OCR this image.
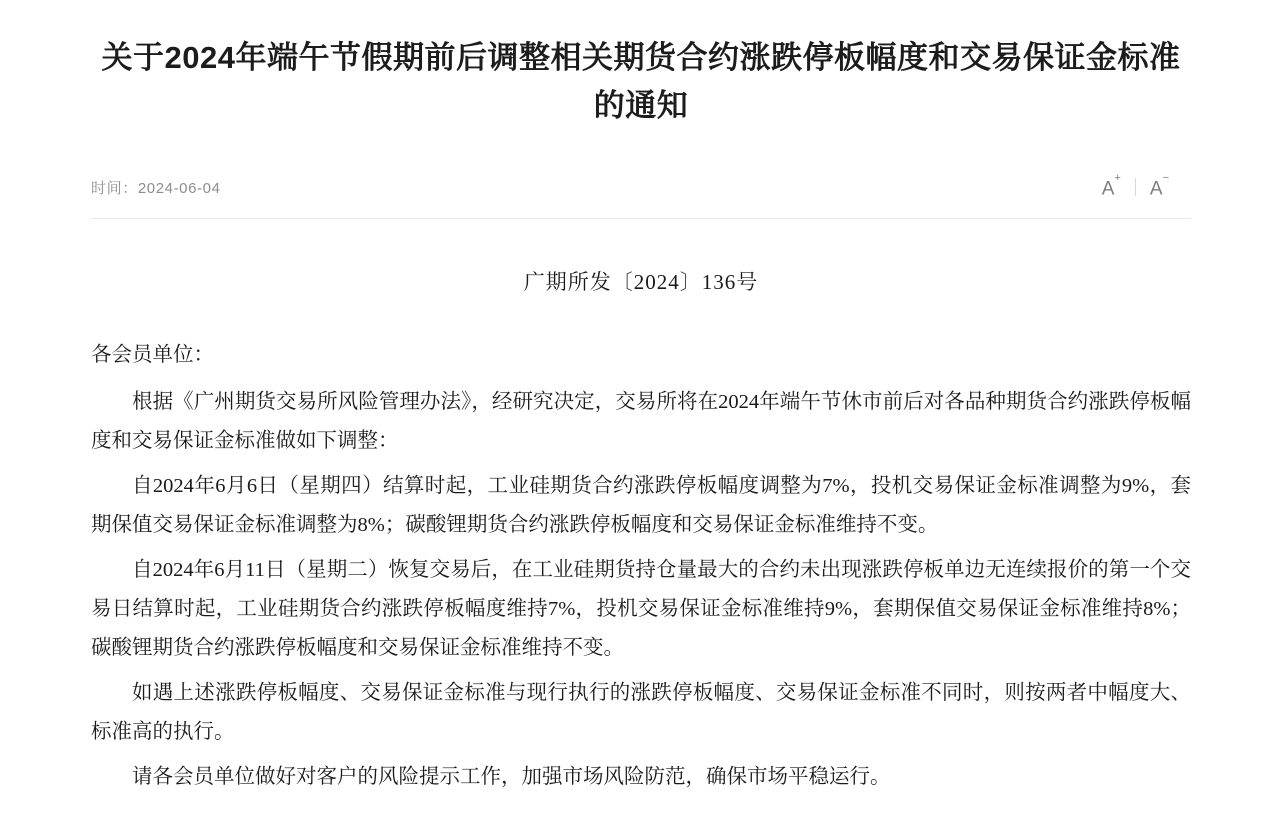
关于2024年端午节假期前后调整相关期货合约涨跌停板幅度和交易保证金标准的通知
时间：2024-06-04	A+
A−

广期所发〔2024〕136号

各会员单位：

根据《广州期货交易所风险管理办法》，经研究决定，交易所将在2024年端午节休市前后对各品种期货合约涨跌停板幅度和交易保证金标准做如下调整：

自2024年6月6日（星期四）结算时起，工业硅期货合约涨跌停板幅度调整为7%，投机交易保证金标准调整为9%，套期保值交易保证金标准调整为8%；碳酸锂期货合约涨跌停板幅度和交易保证金标准维持不变。

自2024年6月11日（星期二）恢复交易后，在工业硅期货持仓量最大的合约未出现涨跌停板单边无连续报价的第一个交易日结算时起，工业硅期货合约涨跌停板幅度维持7%，投机交易保证金标准维持9%，套期保值交易保证金标准维持8%；碳酸锂期货合约涨跌停板幅度和交易保证金标准维持不变。

如遇上述涨跌停板幅度、交易保证金标准与现行执行的涨跌停板幅度、交易保证金标准不同时，则按两者中幅度大、标准高的执行。

请各会员单位做好对客户的风险提示工作，加强市场风险防范，确保市场平稳运行。
